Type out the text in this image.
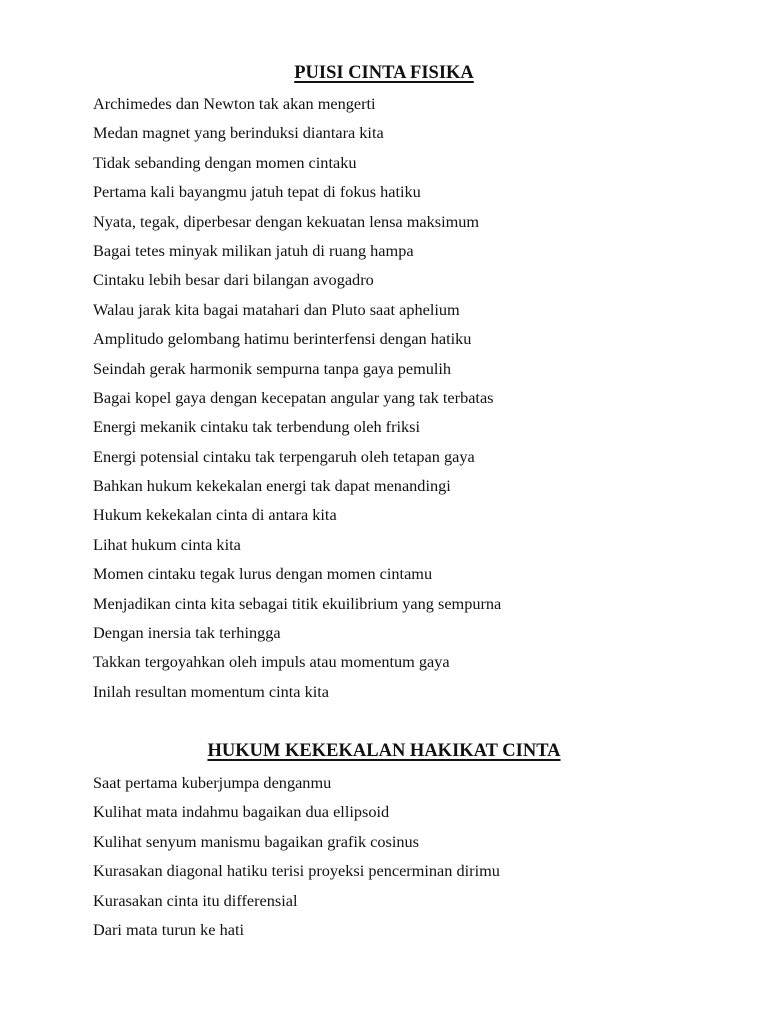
PUISI CINTA FISIKA
Archimedes dan Newton tak akan mengerti
Medan magnet yang berinduksi diantara kita
Tidak sebanding dengan momen cintaku
Pertama kali bayangmu jatuh tepat di fokus hatiku
Nyata, tegak, diperbesar dengan kekuatan lensa maksimum
Bagai tetes minyak milikan jatuh di ruang hampa
Cintaku lebih besar dari bilangan avogadro
Walau jarak kita bagai matahari dan Pluto saat aphelium
Amplitudo gelombang hatimu berinterfensi dengan hatiku
Seindah gerak harmonik sempurna tanpa gaya pemulih
Bagai kopel gaya dengan kecepatan angular yang tak terbatas
Energi mekanik cintaku tak terbendung oleh friksi
Energi potensial cintaku tak terpengaruh oleh tetapan gaya
Bahkan hukum kekekalan energi tak dapat menandingi
Hukum kekekalan cinta di antara kita
Lihat hukum cinta kita
Momen cintaku tegak lurus dengan momen cintamu
Menjadikan cinta kita sebagai titik ekuilibrium yang sempurna
Dengan inersia tak terhingga
Takkan tergoyahkan oleh impuls atau momentum gaya
Inilah resultan momentum cinta kita
HUKUM KEKEKALAN HAKIKAT CINTA
Saat pertama kuberjumpa denganmu
Kulihat mata indahmu bagaikan dua ellipsoid
Kulihat senyum manismu bagaikan grafik cosinus
Kurasakan diagonal hatiku terisi proyeksi pencerminan dirimu
Kurasakan cinta itu differensial
Dari mata turun ke hati
